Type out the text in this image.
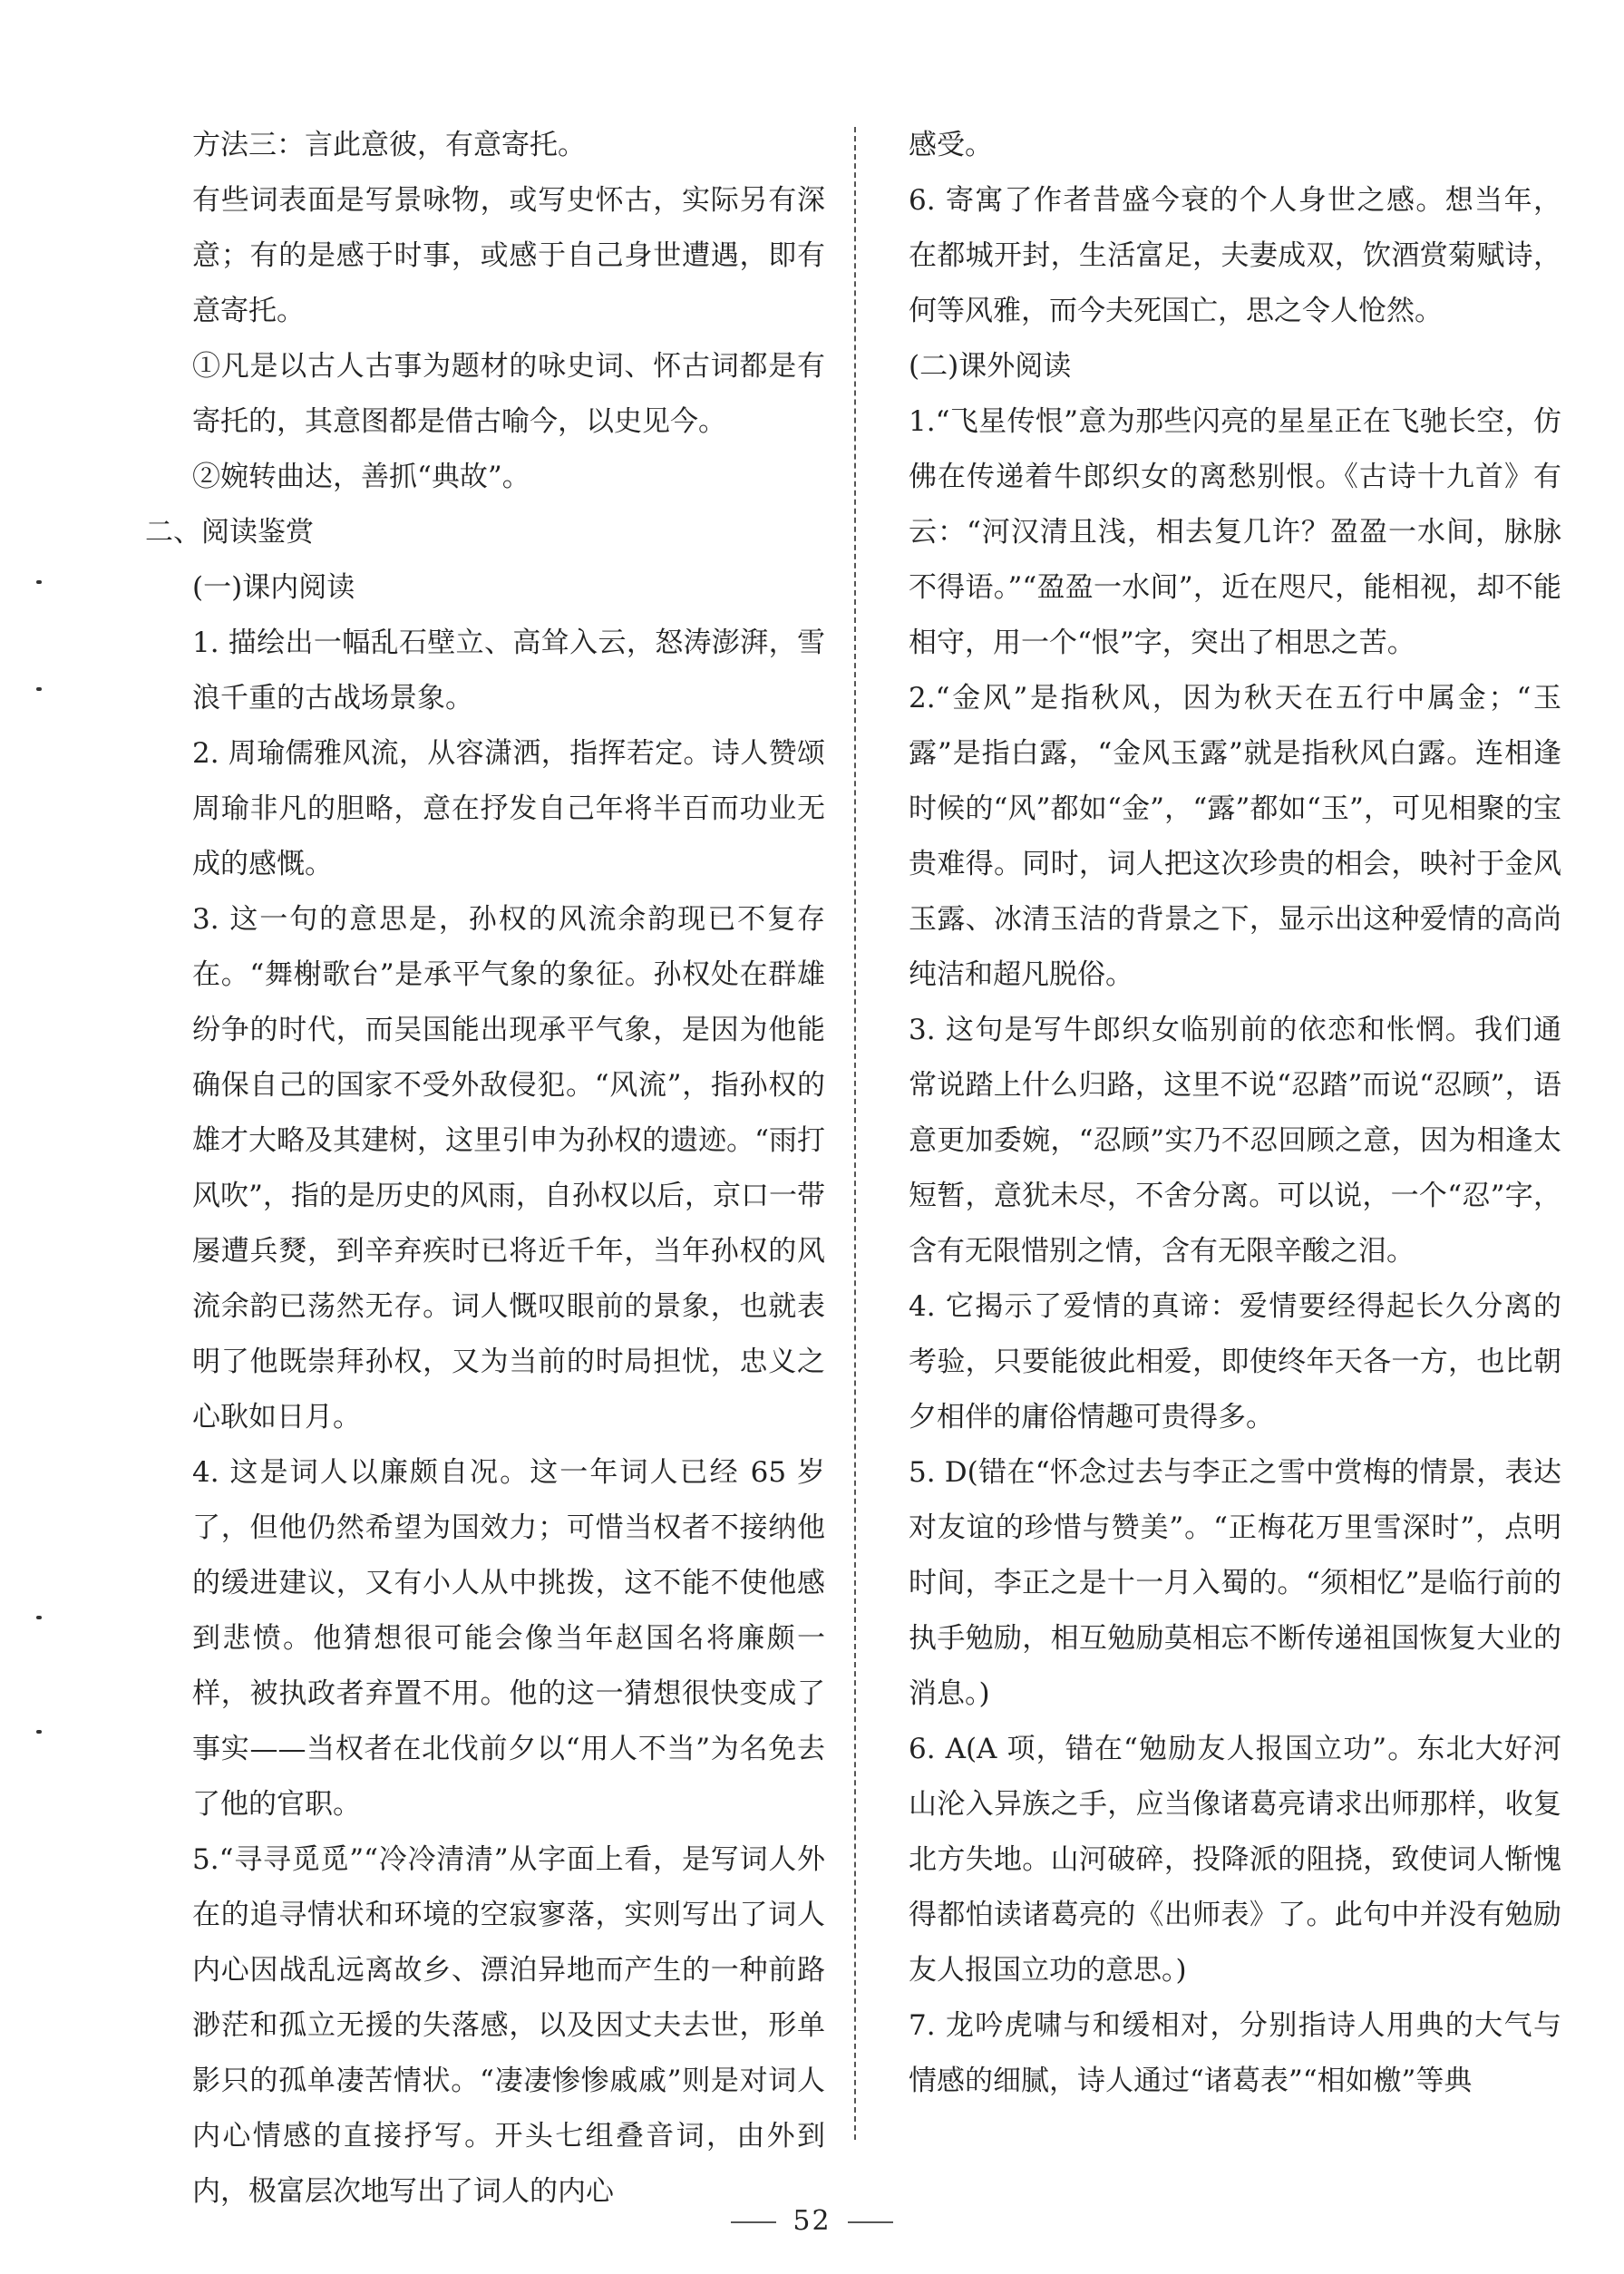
方法三：言此意彼，有意寄托。

有些词表面是写景咏物，或写史怀古，实际另有深意；有的是感于时事，或感于自己身世遭遇，即有意寄托。

①凡是以古人古事为题材的咏史词、怀古词都是有寄托的，其意图都是借古喻今，以史见今。

②婉转曲达，善抓“典故”。

二、阅读鉴赏

(一)课内阅读

1. 描绘出一幅乱石壁立、高耸入云，怒涛澎湃，雪浪千重的古战场景象。

2. 周瑜儒雅风流，从容潇洒，指挥若定。诗人赞颂周瑜非凡的胆略，意在抒发自己年将半百而功业无成的感慨。

3. 这一句的意思是，孙权的风流余韵现已不复存在。“舞榭歌台”是承平气象的象征。孙权处在群雄纷争的时代，而吴国能出现承平气象，是因为他能确保自己的国家不受外敌侵犯。“风流”，指孙权的雄才大略及其建树，这里引申为孙权的遗迹。“雨打风吹”，指的是历史的风雨，自孙权以后，京口一带屡遭兵燹，到辛弃疾时已将近千年，当年孙权的风流余韵已荡然无存。词人慨叹眼前的景象，也就表明了他既崇拜孙权，又为当前的时局担忧，忠义之心耿如日月。

4. 这是词人以廉颇自况。这一年词人已经 65 岁了，但他仍然希望为国效力；可惜当权者不接纳他的缓进建议，又有小人从中挑拨，这不能不使他感到悲愤。他猜想很可能会像当年赵国名将廉颇一样，被执政者弃置不用。他的这一猜想很快变成了事实——当权者在北伐前夕以“用人不当”为名免去了他的官职。

5.“寻寻觅觅”“冷冷清清”从字面上看，是写词人外在的追寻情状和环境的空寂寥落，实则写出了词人内心因战乱远离故乡、漂泊异地而产生的一种前路渺茫和孤立无援的失落感，以及因丈夫去世，形单影只的孤单凄苦情状。“凄凄惨惨戚戚”则是对词人内心情感的直接抒写。开头七组叠音词，由外到内，极富层次地写出了词人的内心

感受。

6. 寄寓了作者昔盛今衰的个人身世之感。想当年，在都城开封，生活富足，夫妻成双，饮酒赏菊赋诗，何等风雅，而今夫死国亡，思之令人怆然。

(二)课外阅读

1.“飞星传恨”意为那些闪亮的星星正在飞驰长空，仿佛在传递着牛郎织女的离愁别恨。《古诗十九首》有云：“河汉清且浅，相去复几许？盈盈一水间，脉脉不得语。”“盈盈一水间”，近在咫尺，能相视，却不能相守，用一个“恨”字，突出了相思之苦。

2.“金风”是指秋风，因为秋天在五行中属金；“玉露”是指白露，“金风玉露”就是指秋风白露。连相逢时候的“风”都如“金”，“露”都如“玉”，可见相聚的宝贵难得。同时，词人把这次珍贵的相会，映衬于金风玉露、冰清玉洁的背景之下，显示出这种爱情的高尚纯洁和超凡脱俗。

3. 这句是写牛郎织女临别前的依恋和怅惘。我们通常说踏上什么归路，这里不说“忍踏”而说“忍顾”，语意更加委婉，“忍顾”实乃不忍回顾之意，因为相逢太短暂，意犹未尽，不舍分离。可以说，一个“忍”字，含有无限惜别之情，含有无限辛酸之泪。

4. 它揭示了爱情的真谛：爱情要经得起长久分离的考验，只要能彼此相爱，即使终年天各一方，也比朝夕相伴的庸俗情趣可贵得多。

5. D(错在“怀念过去与李正之雪中赏梅的情景，表达对友谊的珍惜与赞美”。“正梅花万里雪深时”，点明时间，李正之是十一月入蜀的。“须相忆”是临行前的执手勉励，相互勉励莫相忘不断传递祖国恢复大业的消息。)

6. A(A 项，错在“勉励友人报国立功”。东北大好河山沦入异族之手，应当像诸葛亮请求出师那样，收复北方失地。山河破碎，投降派的阻挠，致使词人惭愧得都怕读诸葛亮的《出师表》了。此句中并没有勉励友人报国立功的意思。)

7. 龙吟虎啸与和缓相对，分别指诗人用典的大气与情感的细腻，诗人通过“诸葛表”“相如檄”等典

52
